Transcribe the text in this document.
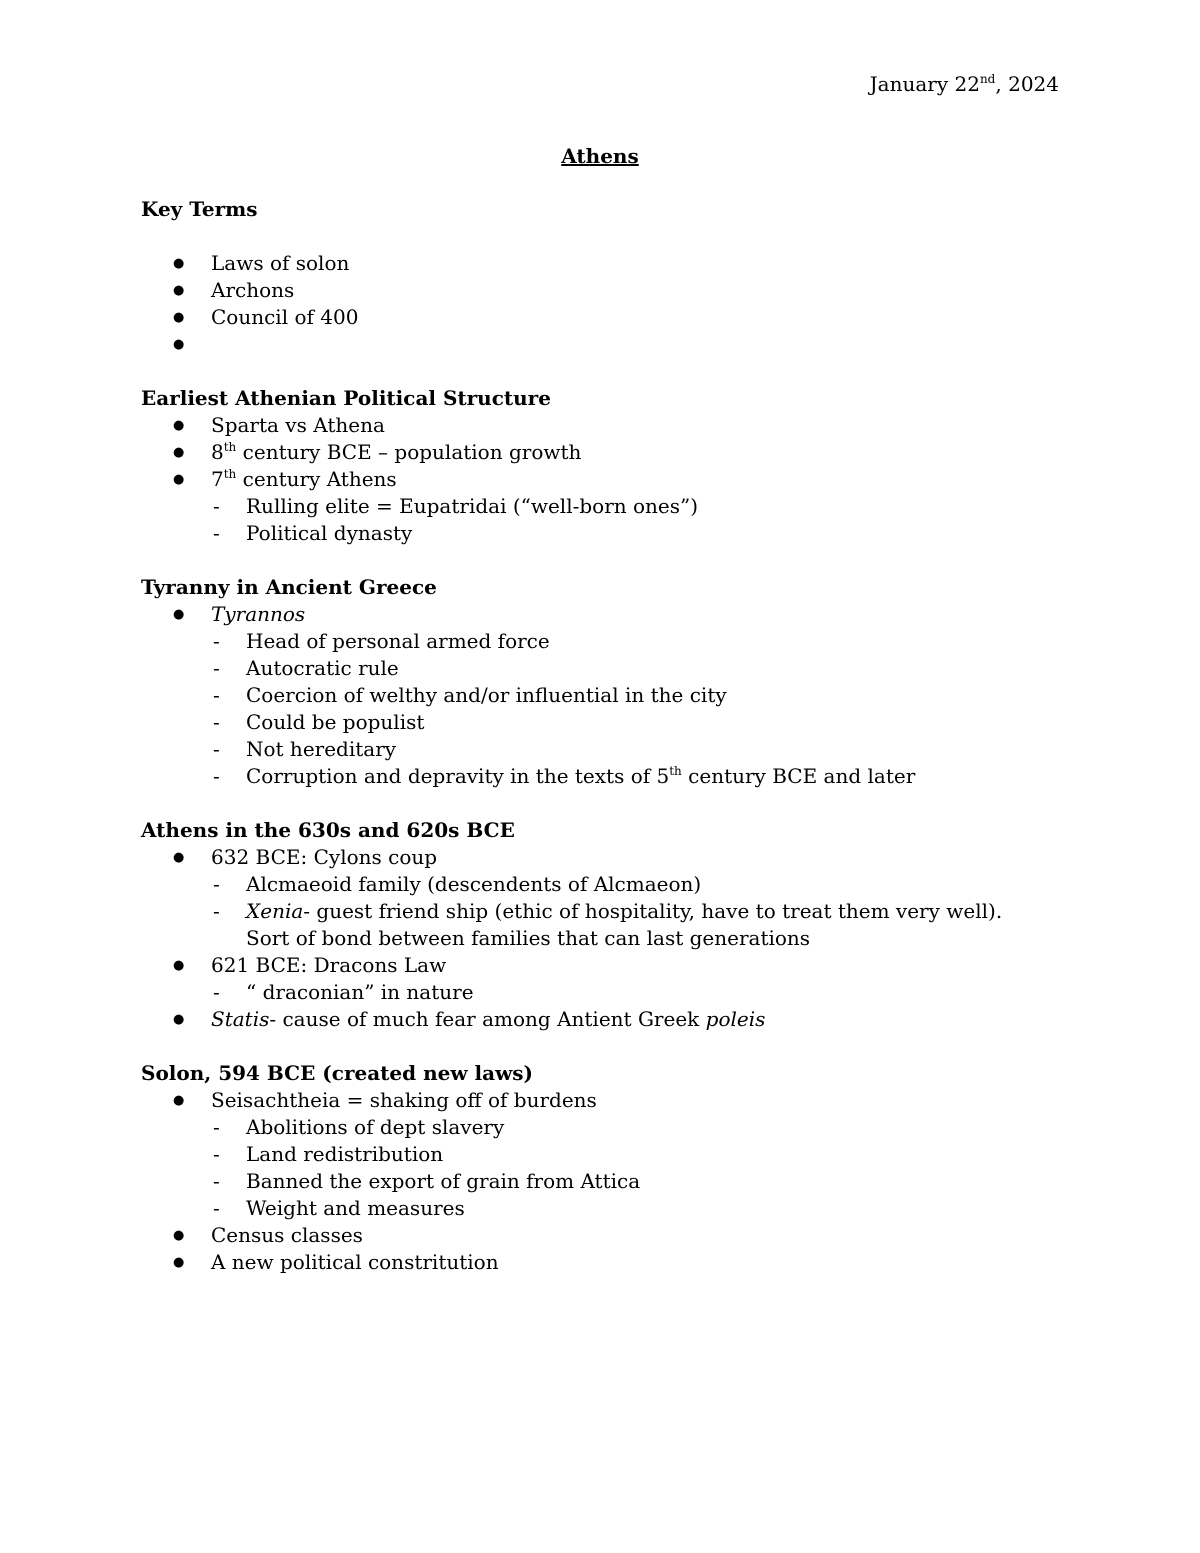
January 22nd, 2024
Athens
Key Terms
● Laws of solon
● Archons
● Council of 400
●
Earliest Athenian Political Structure
● Sparta vs Athena
● 8th century BCE – population growth
● 7th century Athens
- Rulling elite = Eupatridai (“well-born ones”)
- Political dynasty
Tyranny in Ancient Greece
● Tyrannos
- Head of personal armed force
- Autocratic rule
- Coercion of welthy and/or influential in the city
- Could be populist
- Not hereditary
- Corruption and depravity in the texts of 5th century BCE and later
Athens in the 630s and 620s BCE
● 632 BCE: Cylons coup
- Alcmaeoid family (descendents of Alcmaeon)
- Xenia- guest friend ship (ethic of hospitality, have to treat them very well). Sort of bond between families that can last generations
● 621 BCE: Dracons Law
- “ draconian” in nature
● Statis- cause of much fear among Antient Greek poleis
Solon, 594 BCE (created new laws)
● Seisachtheia = shaking off of burdens
- Abolitions of dept slavery
- Land redistribution
- Banned the export of grain from Attica
- Weight and measures
● Census classes
● A new political constritution
